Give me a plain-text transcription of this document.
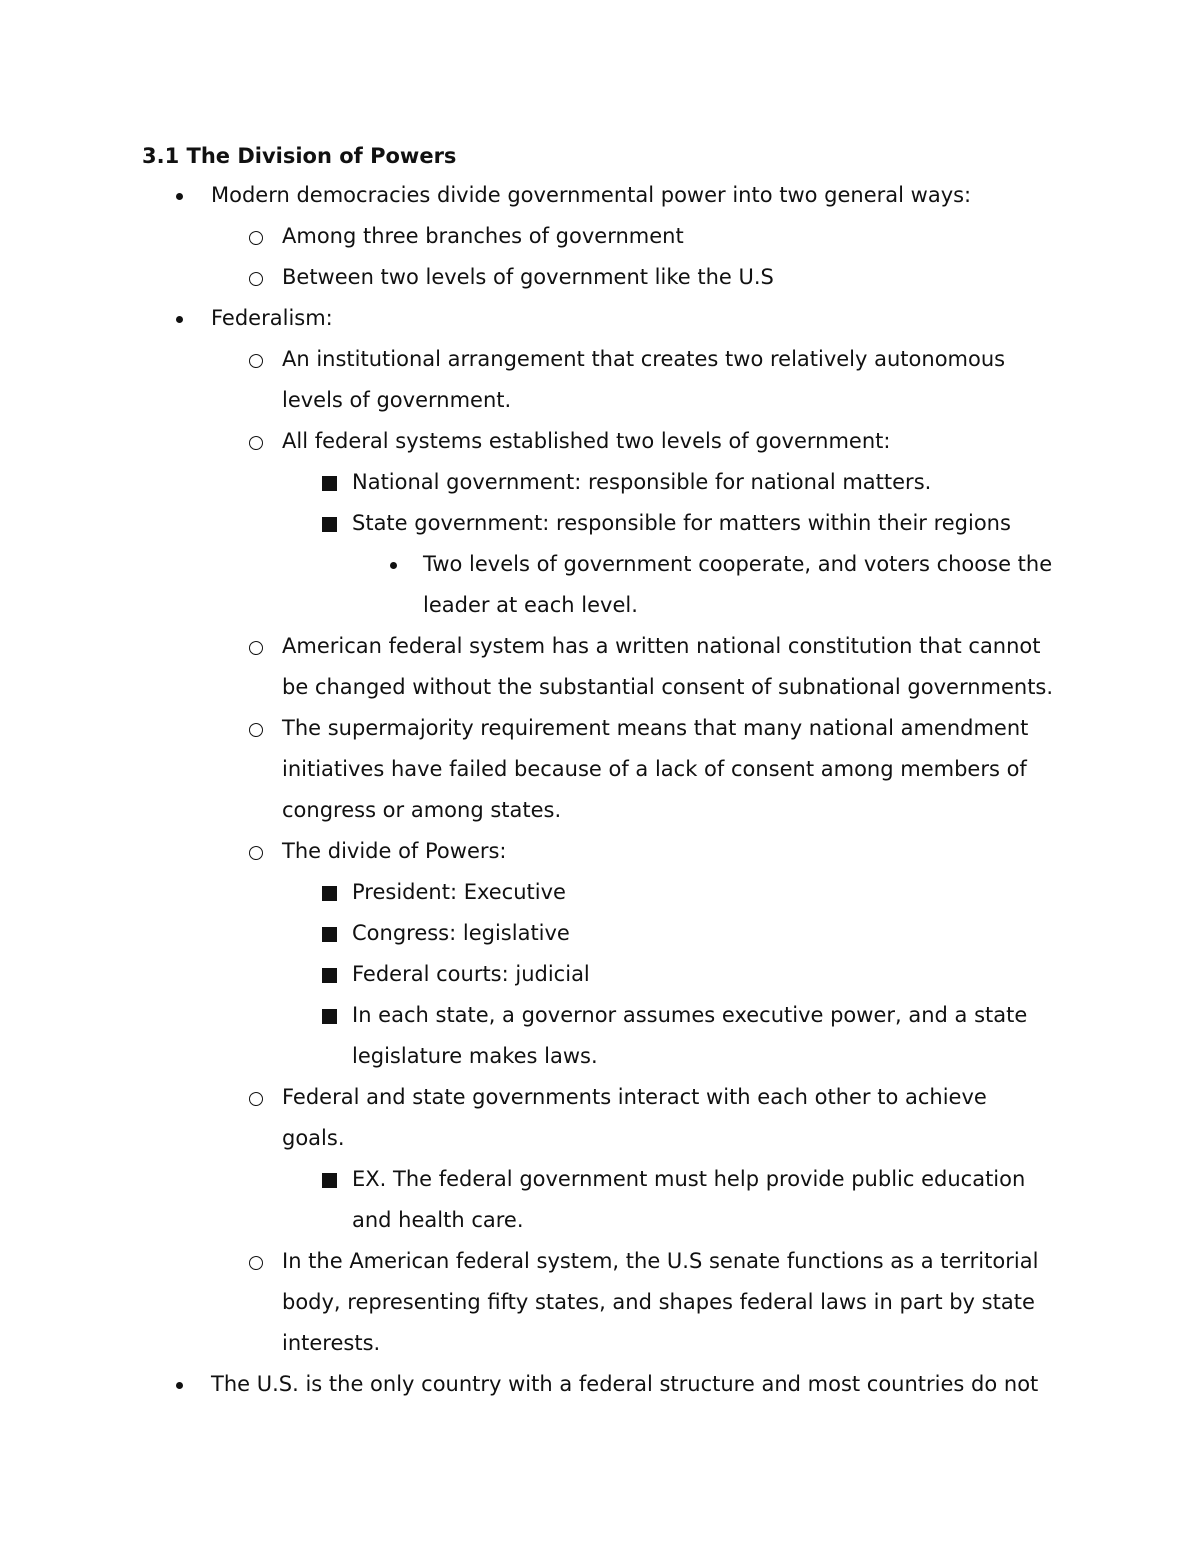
3.1 The Division of Powers
Modern democracies divide governmental power into two general ways:
Among three branches of government
Between two levels of government like the U.S
Federalism:
An institutional arrangement that creates two relatively autonomous
levels of government.
All federal systems established two levels of government:
National government: responsible for national matters.
State government: responsible for matters within their regions
Two levels of government cooperate, and voters choose the
leader at each level.
American federal system has a written national constitution that cannot
be changed without the substantial consent of subnational governments.
The supermajority requirement means that many national amendment
initiatives have failed because of a lack of consent among members of
congress or among states.
The divide of Powers:
President: Executive
Congress: legislative
Federal courts: judicial
In each state, a governor assumes executive power, and a state
legislature makes laws.
Federal and state governments interact with each other to achieve
goals.
EX. The federal government must help provide public education
and health care.
In the American federal system, the U.S senate functions as a territorial
body, representing fifty states, and shapes federal laws in part by state
interests.
The U.S. is the only country with a federal structure and most countries do not
